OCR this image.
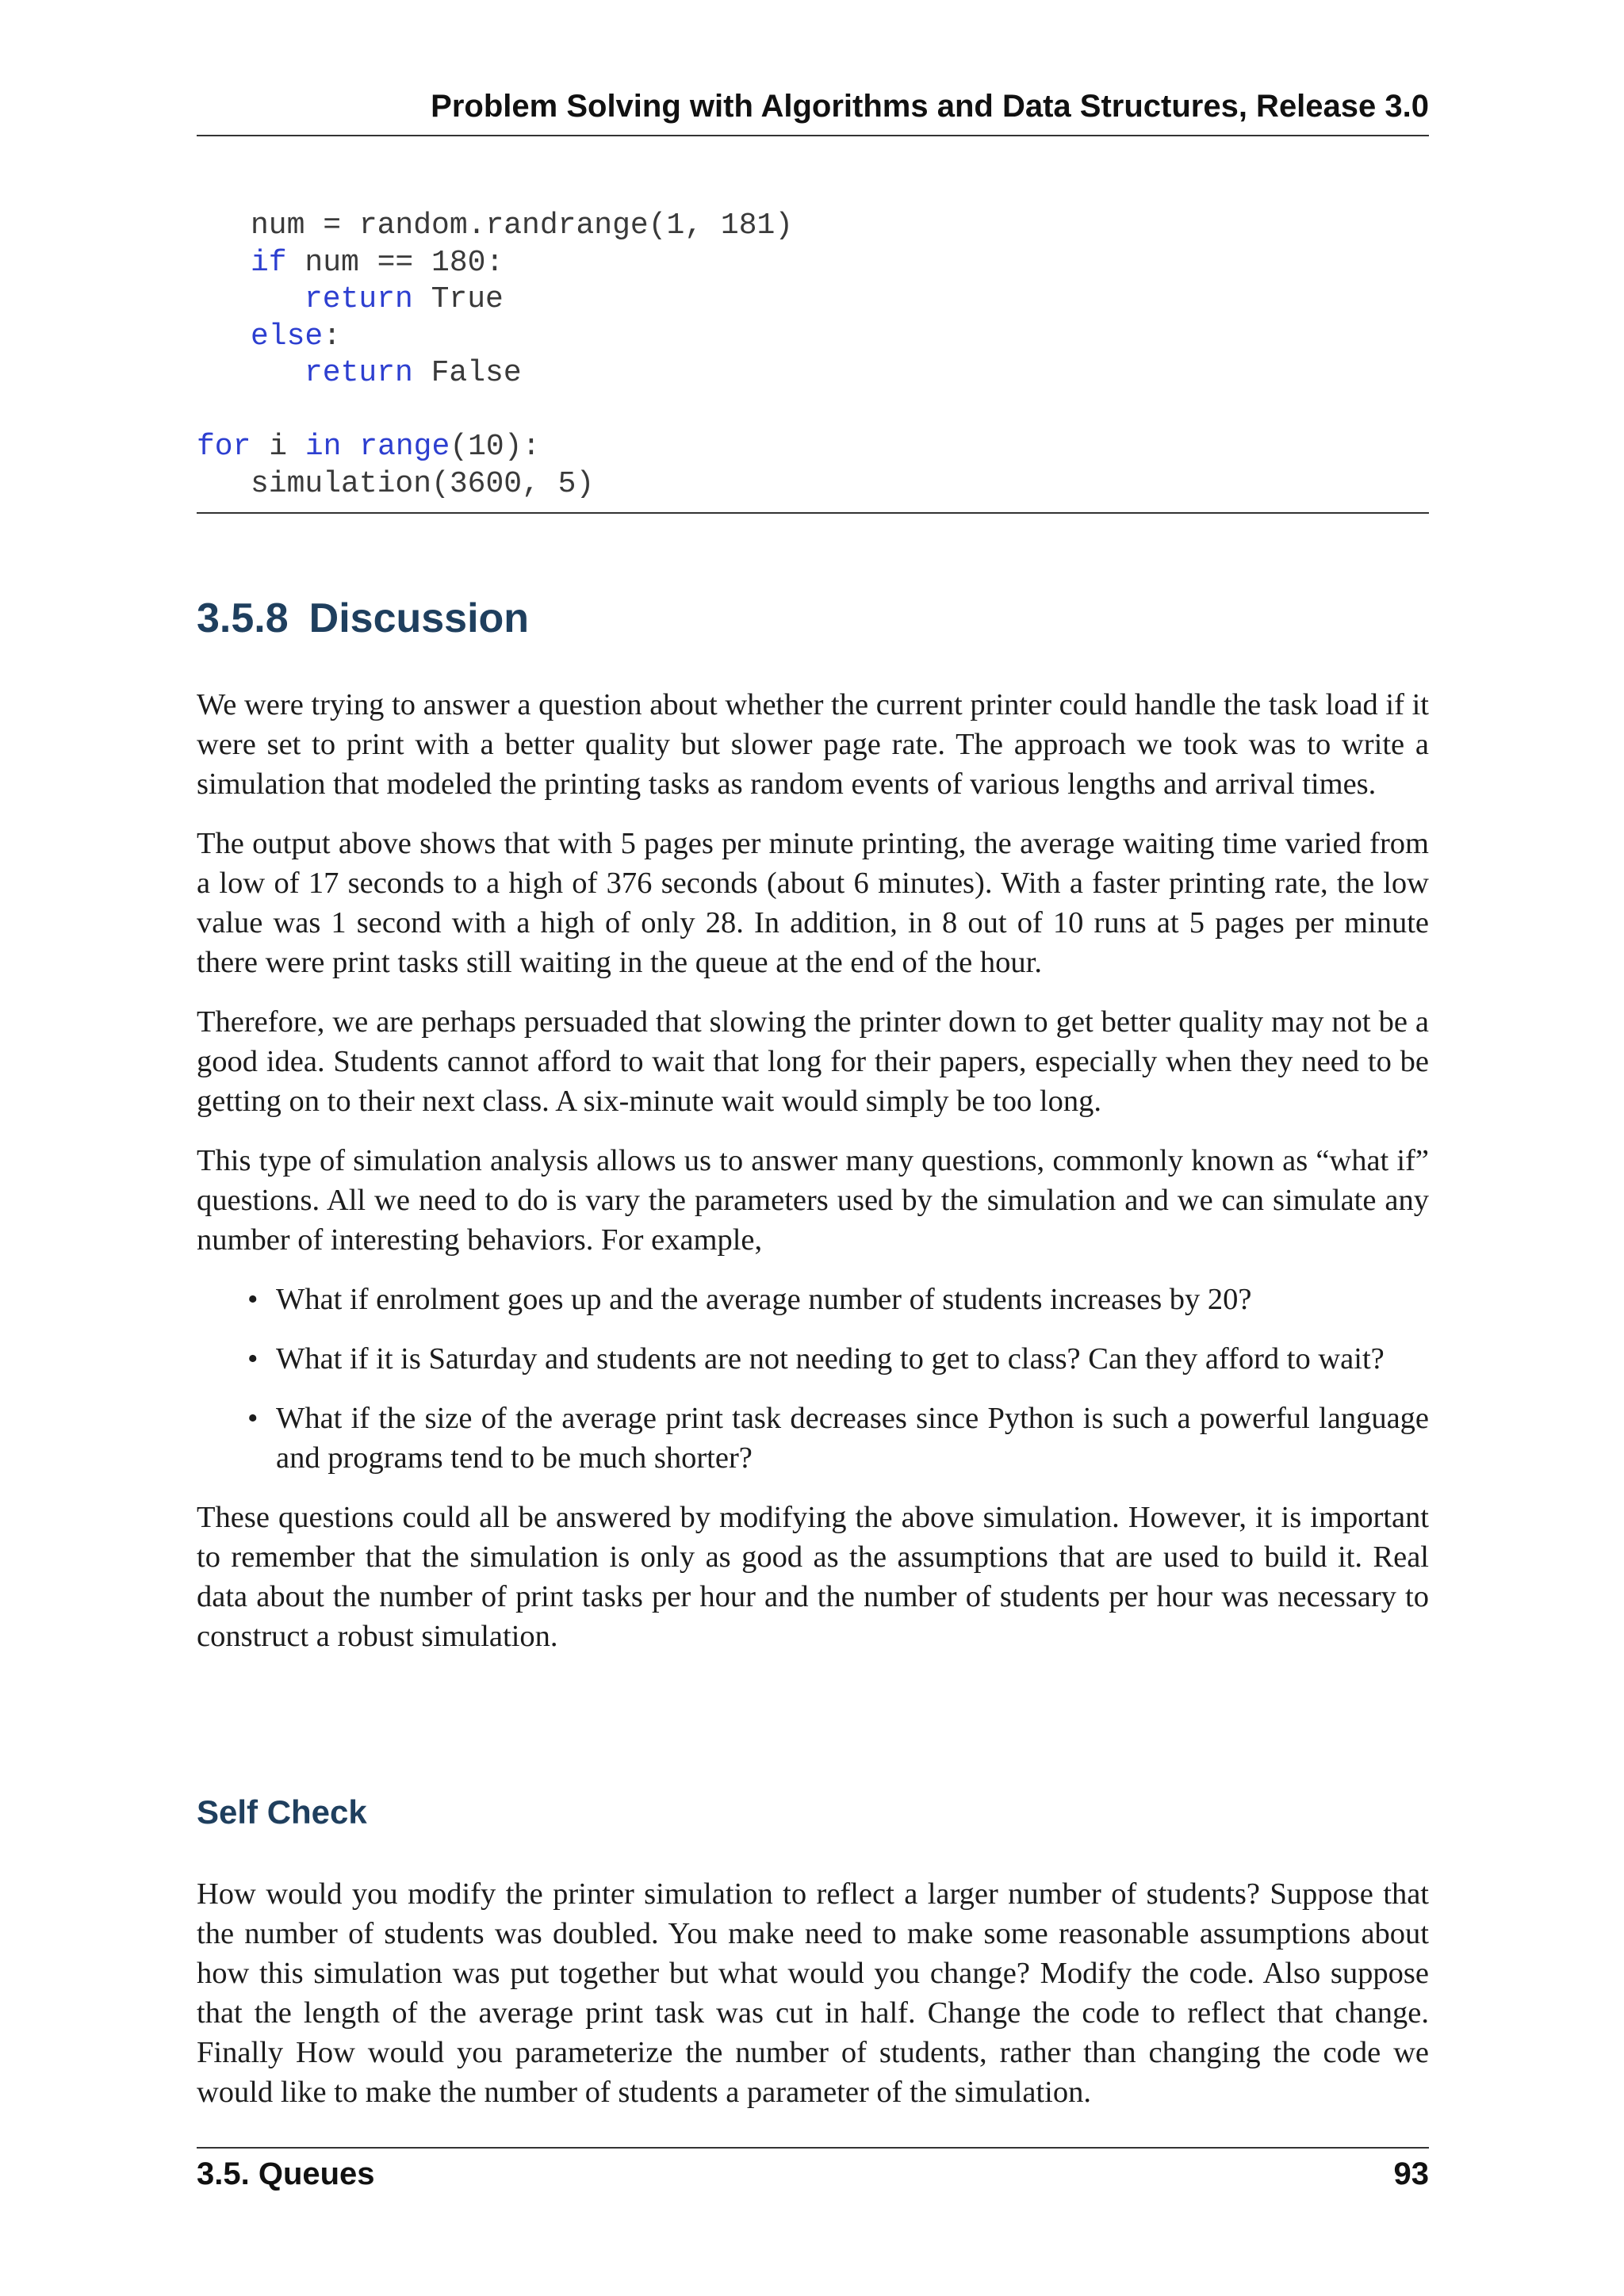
Problem Solving with Algorithms and Data Structures, Release 3.0
num = random.randrange(1, 181)
if num == 180:
return True
else:
return False
for i in range(10):
simulation(3600, 5)
3.5.8 Discussion

We were trying to answer a question about whether the current printer could handle the task load if it were set to print with a better quality but slower page rate. The approach we took was to write a simulation that modeled the printing tasks as random events of various lengths and arrival times.

The output above shows that with 5 pages per minute printing, the average waiting time varied from a low of 17 seconds to a high of 376 seconds (about 6 minutes). With a faster printing rate, the low value was 1 second with a high of only 28. In addition, in 8 out of 10 runs at 5 pages per minute there were print tasks still waiting in the queue at the end of the hour.

Therefore, we are perhaps persuaded that slowing the printer down to get better quality may not be a good idea. Students cannot afford to wait that long for their papers, especially when they need to be getting on to their next class. A six-minute wait would simply be too long.

This type of simulation analysis allows us to answer many questions, commonly known as “what if” questions. All we need to do is vary the parameters used by the simulation and we can simulate any number of interesting behaviors. For example,

• What if enrolment goes up and the average number of students increases by 20?
• What if it is Saturday and students are not needing to get to class? Can they afford to wait?
• What if the size of the average print task decreases since Python is such a powerful language and programs tend to be much shorter?

These questions could all be answered by modifying the above simulation. However, it is important to remember that the simulation is only as good as the assumptions that are used to build it. Real data about the number of print tasks per hour and the number of students per hour was necessary to construct a robust simulation.

Self Check

How would you modify the printer simulation to reflect a larger number of students? Suppose that the number of students was doubled. You make need to make some reasonable assumptions about how this simulation was put together but what would you change? Modify the code. Also suppose that the length of the average print task was cut in half. Change the code to reflect that change. Finally How would you parameterize the number of students, rather than changing the code we would like to make the number of students a parameter of the simulation.

3.5. Queues	93
